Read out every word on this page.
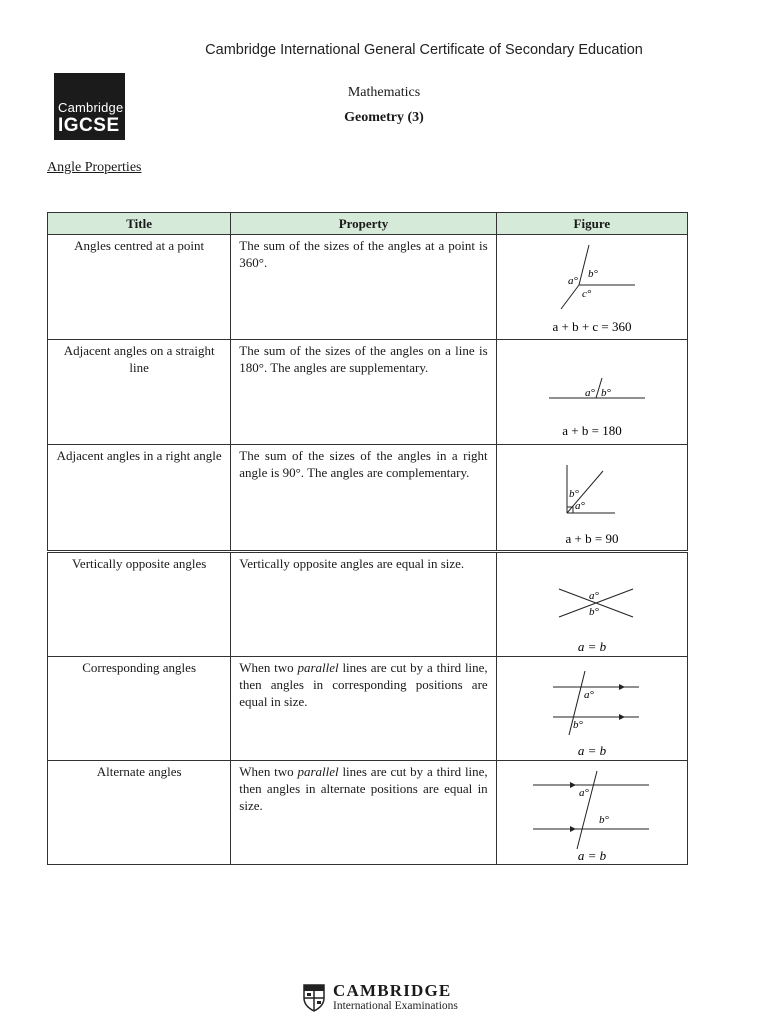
Cambridge International General Certificate of Secondary Education
Cambridge
IGCSE
Mathematics
Geometry (3)
Angle Properties
Title	Property	Figure
Angles centred at a point	The sum of the sizes of the angles at a point is 360°.	a°
b°
c°
a + b + c = 360

Adjacent angles on a straight line	The sum of the sizes of the angles on a line is 180°. The angles are supplementary.	a° b°
a + b = 180

Adjacent angles in a right angle	The sum of the sizes of the angles in a right angle is 90°. The angles are complementary.	b°
a°
a + b = 90
Vertically opposite angles	Vertically opposite angles are equal in size.	a°
b°
a = b

Corresponding angles	When two parallel lines are cut by a third line, then angles in corresponding positions are equal in size.	a°
b°
a = b

Alternate angles	When two parallel lines are cut by a third line, then angles in alternate positions are equal in size.	a°
b°
a = b
CAMBRIDGE
International Examinations
